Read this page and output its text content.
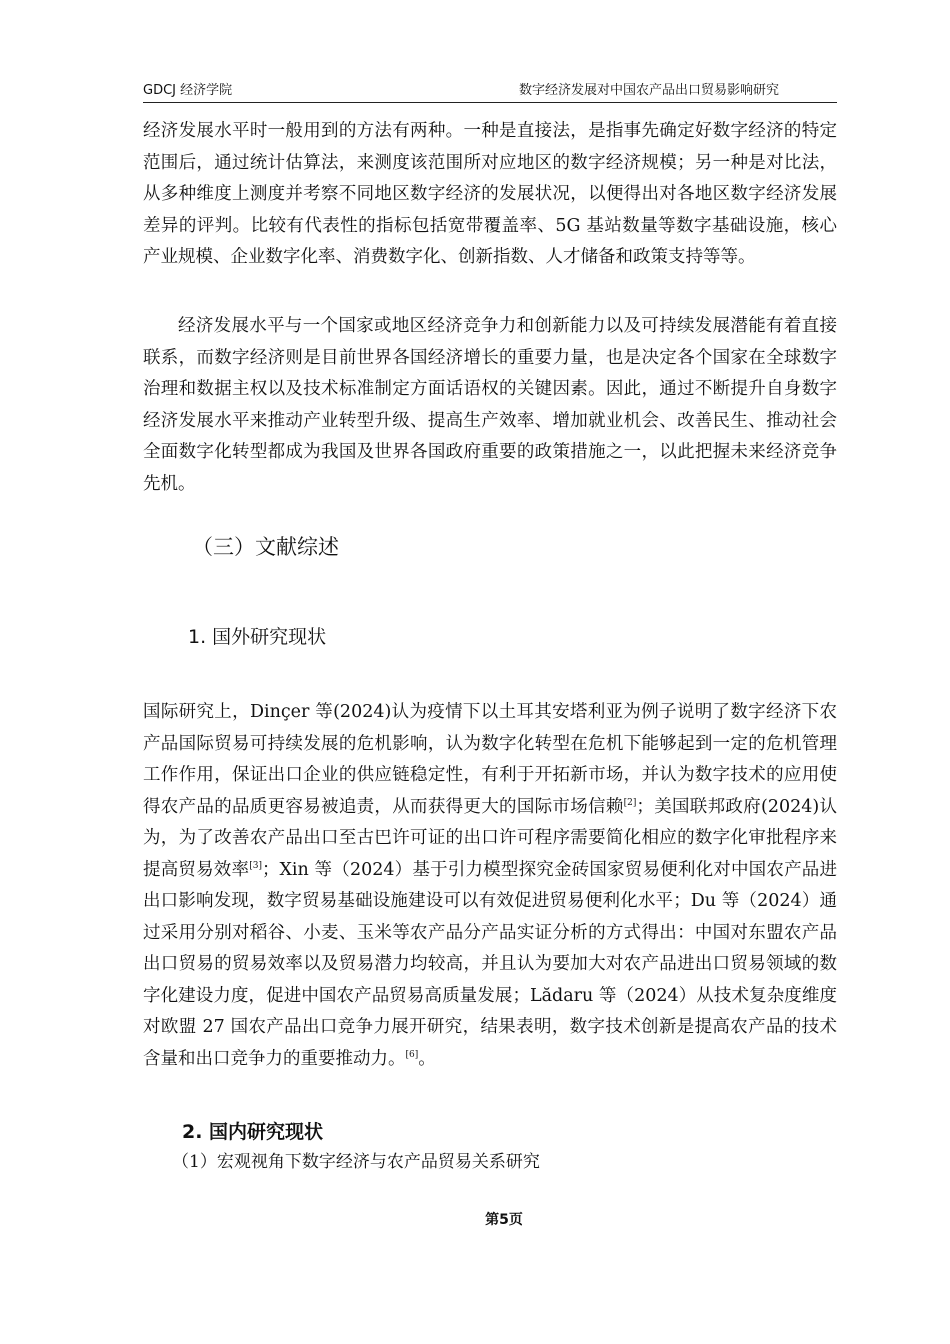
GDCJ 经济学院	数字经济发展对中国农产品出口贸易影响研究

经济发展水平时一般用到的方法有两种。一种是直接法，是指事先确定好数字经济的特定范围后，通过统计估算法，来测度该范围所对应地区的数字经济规模；另一种是对比法，从多种维度上测度并考察不同地区数字经济的发展状况，以便得出对各地区数字经济发展差异的评判。比较有代表性的指标包括宽带覆盖率、5G 基站数量等数字基础设施，核心产业规模、企业数字化率、消费数字化、创新指数、人才储备和政策支持等等。

经济发展水平与一个国家或地区经济竞争力和创新能力以及可持续发展潜能有着直接联系，而数字经济则是目前世界各国经济增长的重要力量，也是决定各个国家在全球数字治理和数据主权以及技术标准制定方面话语权的关键因素。因此，通过不断提升自身数字经济发展水平来推动产业转型升级、提高生产效率、增加就业机会、改善民生、推动社会全面数字化转型都成为我国及世界各国政府重要的政策措施之一，以此把握未来经济竞争先机。

（三）文献综述
1. 国外研究现状

国际研究上，Dinçer 等(2024)认为疫情下以土耳其安塔利亚为例子说明了数字经济下农产品国际贸易可持续发展的危机影响，认为数字化转型在危机下能够起到一定的危机管理工作作用，保证出口企业的供应链稳定性，有利于开拓新市场，并认为数字技术的应用使得农产品的品质更容易被追责，从而获得更大的国际市场信赖[2]；美国联邦政府(2024)认为，为了改善农产品出口至古巴许可证的出口许可程序需要简化相应的数字化审批程序来提高贸易效率[3]；Xin 等（2024）基于引力模型探究金砖国家贸易便利化对中国农产品进出口影响发现，数字贸易基础设施建设可以有效促进贸易便利化水平；Du 等（2024）通过采用分别对稻谷、小麦、玉米等农产品分产品实证分析的方式得出：中国对东盟农产品出口贸易的贸易效率以及贸易潜力均较高，并且认为要加大对农产品进出口贸易领域的数字化建设力度，促进中国农产品贸易高质量发展；Lădaru 等（2024）从技术复杂度维度对欧盟 27 国农产品出口竞争力展开研究，结果表明，数字技术创新是提高农产品的技术含量和出口竞争力的重要推动力。[6]。

2. 国内研究现状

（1）宏观视角下数字经济与农产品贸易关系研究

第5页
